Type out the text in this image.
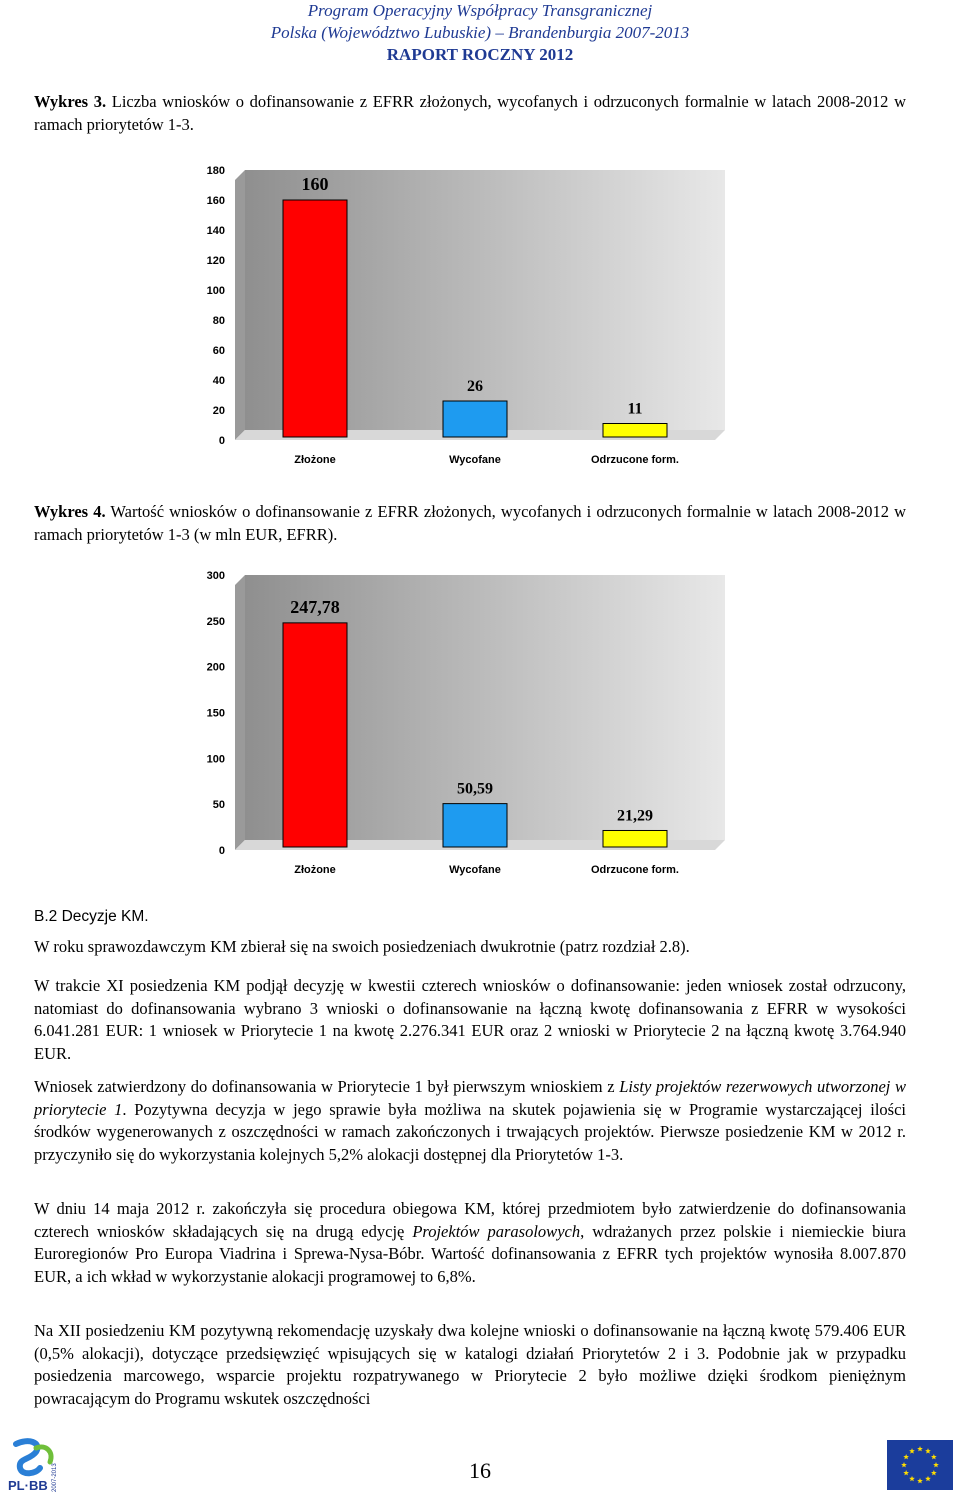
Program Operacyjny Współpracy Transgranicznej
Polska (Województwo Lubuskie) – Brandenburgia 2007-2013
RAPORT ROCZNY 2012
Wykres 3. Liczba wniosków o dofinansowanie z EFRR złożonych, wycofanych i odrzuconych formalnie w latach 2008-2012 w ramach priorytetów 1-3.
0
20
40
60
80
100
120
140
160
180
160
Złożone
26
Wycofane
11
Odrzucone form.
Wykres 4. Wartość wniosków o dofinansowanie z EFRR złożonych, wycofanych i odrzuconych formalnie w latach 2008-2012 w ramach priorytetów 1-3 (w mln EUR, EFRR).
0
50
100
150
200
250
300
247,78
Złożone
50,59
Wycofane
21,29
Odrzucone form.
B.2 Decyzje KM.
W roku sprawozdawczym KM zbierał się na swoich posiedzeniach dwukrotnie (patrz rozdział 2.8).
W trakcie XI posiedzenia KM podjął decyzję w kwestii czterech wniosków o dofinansowanie: jeden wniosek został odrzucony, natomiast do dofinansowania wybrano 3 wnioski o dofinansowanie na łączną kwotę dofinansowania z EFRR w wysokości 6.041.281 EUR: 1 wniosek w Priorytecie 1 na kwotę 2.276.341 EUR oraz 2 wnioski w Priorytecie 2 na łączną kwotę 3.764.940 EUR.
Wniosek zatwierdzony do dofinansowania w Priorytecie 1 był pierwszym wnioskiem z Listy projektów rezerwowych utworzonej w priorytecie 1. Pozytywna decyzja w jego sprawie była możliwa na skutek pojawienia się w Programie wystarczającej ilości środków wygenerowanych z oszczędności w ramach zakończonych i trwających projektów. Pierwsze posiedzenie KM w 2012 r. przyczyniło się do wykorzystania kolejnych 5,2% alokacji dostępnej dla Priorytetów 1-3.
W dniu 14 maja 2012 r. zakończyła się procedura obiegowa KM, której przedmiotem było zatwierdzenie do dofinansowania czterech wniosków składających się na drugą edycję Projektów parasolowych, wdrażanych przez polskie i niemieckie biura Euroregionów Pro Europa Viadrina i Sprewa-Nysa-Bóbr. Wartość dofinansowania z EFRR tych projektów wynosiła 8.007.870 EUR, a ich wkład w wykorzystanie alokacji programowej to 6,8%.
Na XII posiedzeniu KM pozytywną rekomendację uzyskały dwa kolejne wnioski o dofinansowanie na łączną kwotę 579.406 EUR (0,5% alokacji), dotyczące przedsięwzięć wpisujących się w katalogi działań Priorytetów 2 i 3. Podobnie jak w przypadku posiedzenia marcowego, wsparcie projektu rozpatrywanego w Priorytecie 2 było możliwe dzięki środkom pieniężnym powracającym do Programu wskutek oszczędności
PL·BB 2007-2013	16
